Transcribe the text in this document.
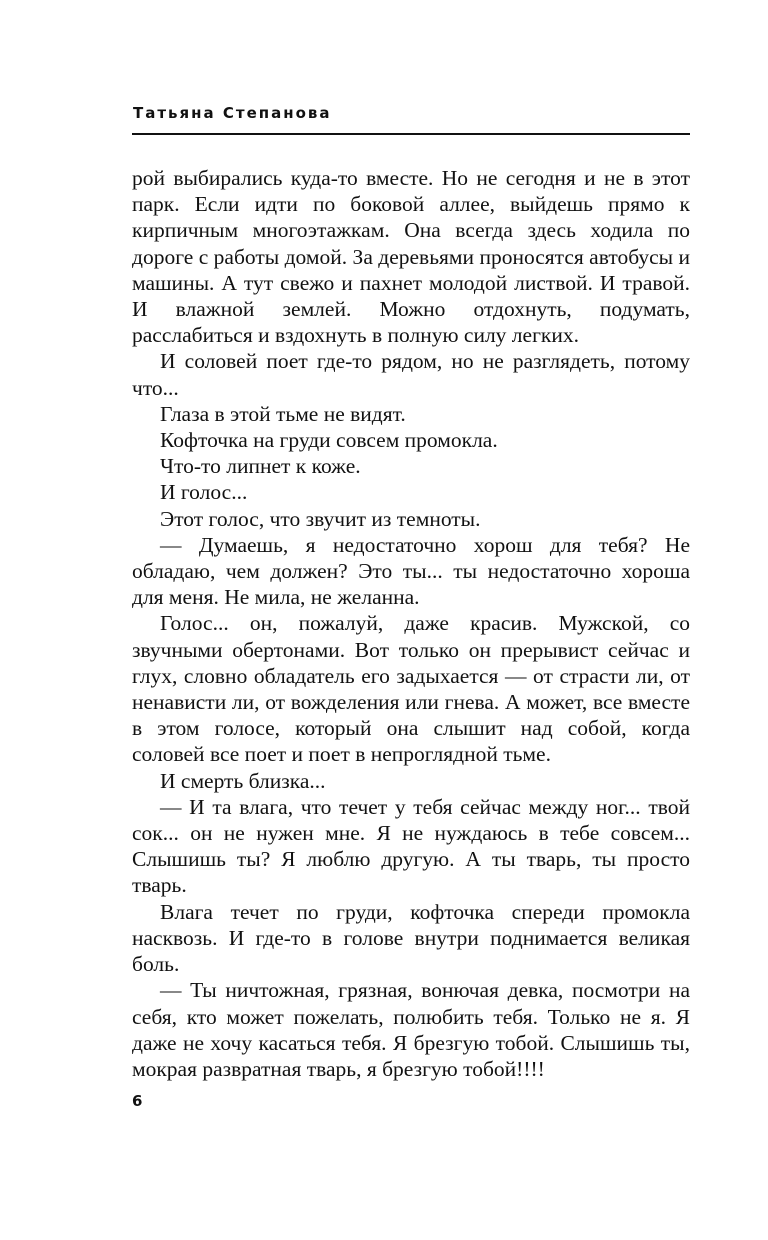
Татьяна Степанова

рой выбирались куда-то вместе. Но не сегодня и не в этот парк. Если идти по боковой аллее, выйдешь прямо к кирпичным многоэтажкам. Она всегда здесь ходила по дороге с работы домой. За деревьями проносятся автобусы и машины. А тут свежо и пахнет молодой листвой. И травой. И влажной землей. Можно отдохнуть, подумать, расслабиться и вздохнуть в полную силу легких.

И соловей поет где-то рядом, но не разглядеть, потому что...

Глаза в этой тьме не видят.

Кофточка на груди совсем промокла.

Что-то липнет к коже.

И голос...

Этот голос, что звучит из темноты.

— Думаешь, я недостаточно хорош для тебя? Не обладаю, чем должен? Это ты... ты недостаточно хороша для меня. Не мила, не желанна.

Голос... он, пожалуй, даже красив. Мужской, со звучными обертонами. Вот только он прерывист сейчас и глух, словно обладатель его задыхается — от страсти ли, от ненависти ли, от вожделения или гнева. А может, все вместе в этом голосе, который она слышит над собой, когда соловей все поет и поет в непроглядной тьме.

И смерть близка...

— И та влага, что течет у тебя сейчас между ног... твой сок... он не нужен мне. Я не нуждаюсь в тебе совсем... Слышишь ты? Я люблю другую. А ты тварь, ты просто тварь.

Влага течет по груди, кофточка спереди промокла насквозь. И где-то в голове внутри поднимается великая боль.

— Ты ничтожная, грязная, вонючая девка, посмотри на себя, кто может пожелать, полюбить тебя. Только не я. Я даже не хочу касаться тебя. Я брезгую тобой. Слышишь ты, мокрая развратная тварь, я брезгую тобой!!!!

6
